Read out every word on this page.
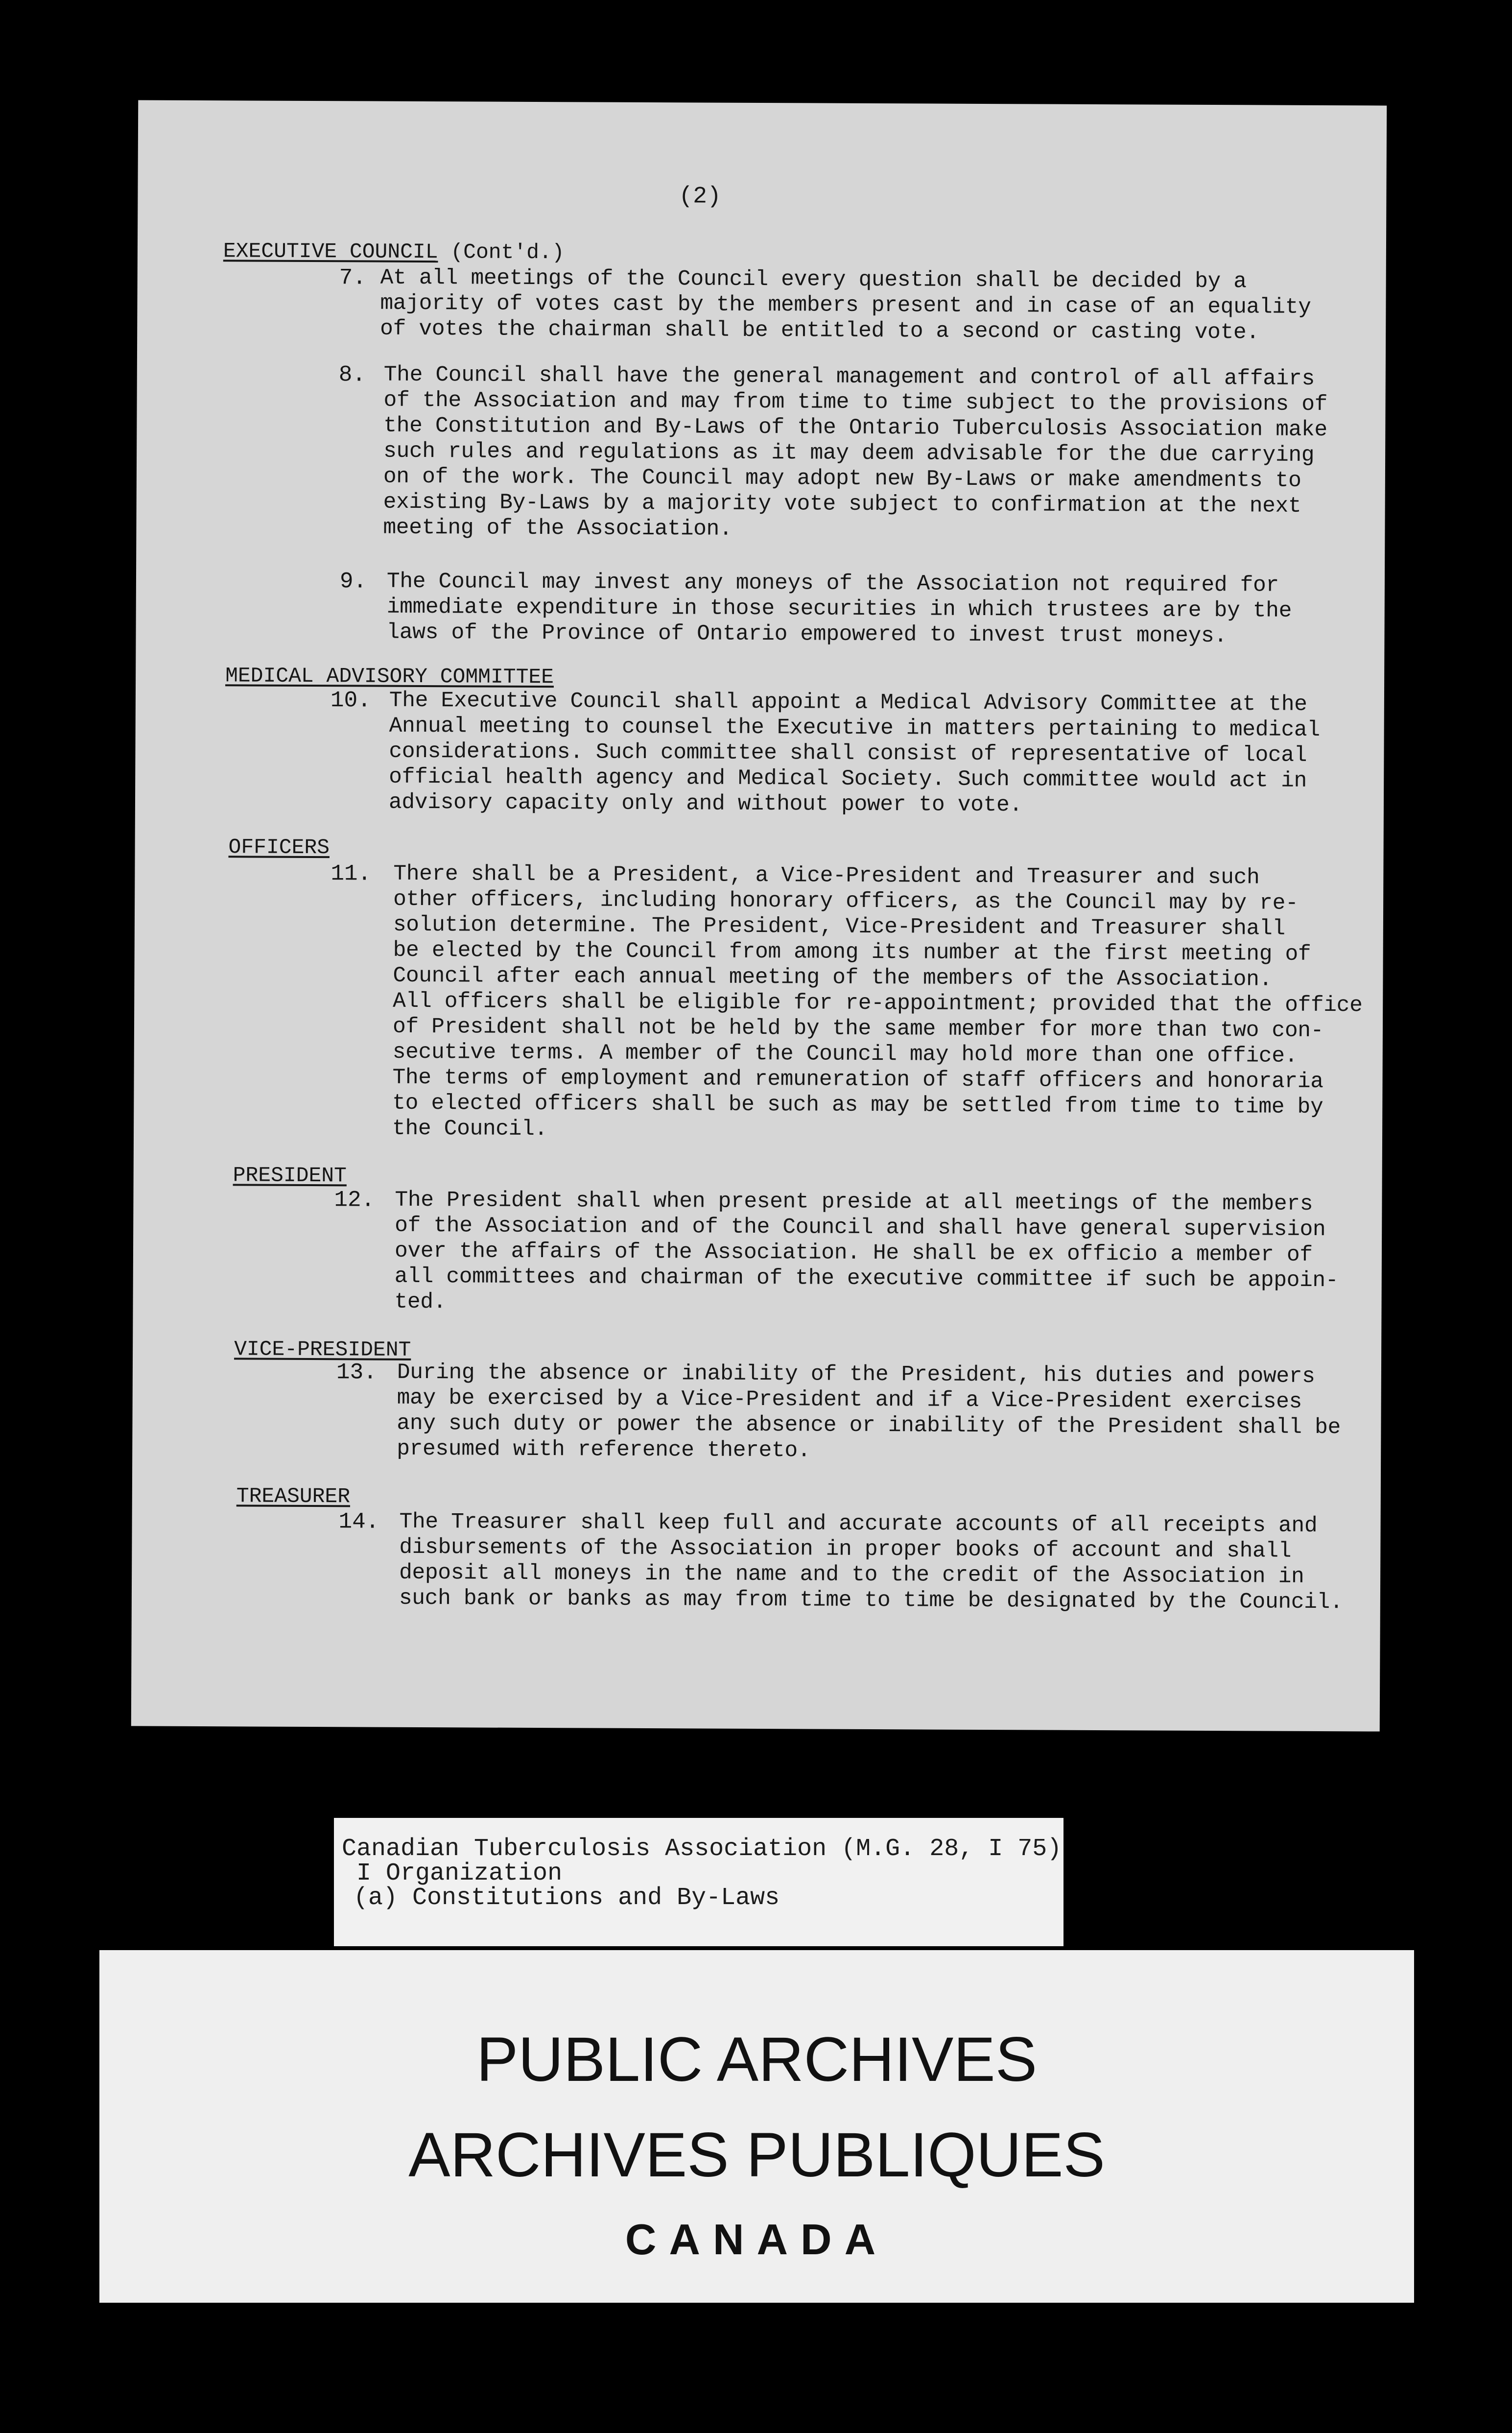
(2)
EXECUTIVE COUNCIL (Cont'd.)
7. At all meetings of the Council every question shall be decided by a
majority of votes cast by the members present and in case of an equality
of votes the chairman shall be entitled to a second or casting vote.
8. The Council shall have the general management and control of all affairs
of the Association and may from time to time subject to the provisions of
the Constitution and By-Laws of the Ontario Tuberculosis Association make
such rules and regulations as it may deem advisable for the due carrying
on of the work. The Council may adopt new By-Laws or make amendments to
existing By-Laws by a majority vote subject to confirmation at the next
meeting of the Association.
9. The Council may invest any moneys of the Association not required for
immediate expenditure in those securities in which trustees are by the
laws of the Province of Ontario empowered to invest trust moneys.
MEDICAL ADVISORY COMMITTEE
10. The Executive Council shall appoint a Medical Advisory Committee at the
Annual meeting to counsel the Executive in matters pertaining to medical
considerations. Such committee shall consist of representative of local
official health agency and Medical Society. Such committee would act in
advisory capacity only and without power to vote.
OFFICERS
11. There shall be a President, a Vice-President and Treasurer and such
other officers, including honorary officers, as the Council may by re-
solution determine. The President, Vice-President and Treasurer shall
be elected by the Council from among its number at the first meeting of
Council after each annual meeting of the members of the Association.
All officers shall be eligible for re-appointment; provided that the office
of President shall not be held by the same member for more than two con-
secutive terms. A member of the Council may hold more than one office.
The terms of employment and remuneration of staff officers and honoraria
to elected officers shall be such as may be settled from time to time by
the Council.
PRESIDENT
12. The President shall when present preside at all meetings of the members
of the Association and of the Council and shall have general supervision
over the affairs of the Association. He shall be ex officio a member of
all committees and chairman of the executive committee if such be appoin-
ted.
VICE-PRESIDENT
13. During the absence or inability of the President, his duties and powers
may be exercised by a Vice-President and if a Vice-President exercises
any such duty or power the absence or inability of the President shall be
presumed with reference thereto.
TREASURER
14. The Treasurer shall keep full and accurate accounts of all receipts and
disbursements of the Association in proper books of account and shall
deposit all moneys in the name and to the credit of the Association in
such bank or banks as may from time to time be designated by the Council.
Canadian Tuberculosis Association (M.G. 28, I 75)
I Organization
(a) Constitutions and By-Laws
PUBLIC ARCHIVES
ARCHIVES PUBLIQUES
CANADA
